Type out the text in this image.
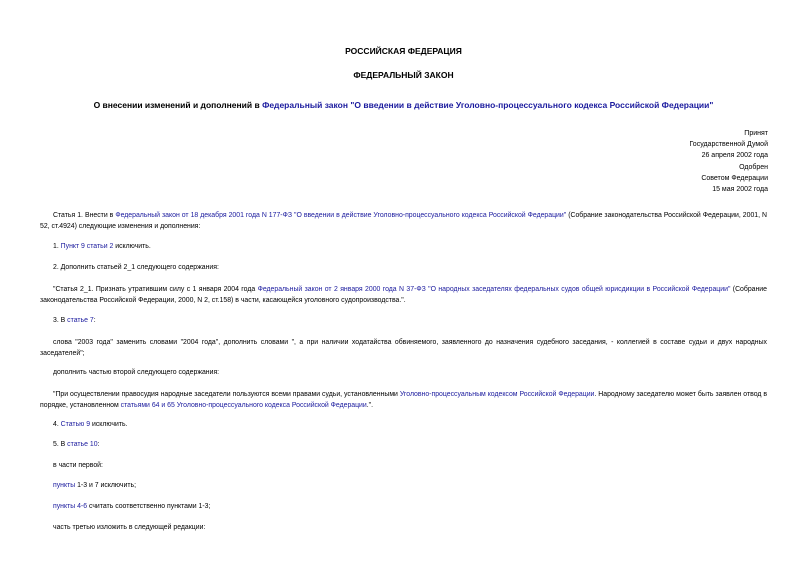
РОССИЙСКАЯ ФЕДЕРАЦИЯ
ФЕДЕРАЛЬНЫЙ ЗАКОН
О внесении изменений и дополнений в Федеральный закон "О введении в действие Уголовно-процессуального кодекса Российской Федерации"
Принят
Государственной Думой
26 апреля 2002 года
Одобрен
Советом Федерации
15 мая 2002 года
Статья 1. Внести в Федеральный закон от 18 декабря 2001 года N 177-ФЗ "О введении в действие Уголовно-процессуального кодекса Российской Федерации" (Собрание законодательства Российской Федерации, 2001, N 52, ст.4924) следующие изменения и дополнения:
1. Пункт 9 статьи 2 исключить.
2. Дополнить статьей 2_1 следующего содержания:
"Статья 2_1. Признать утратившим силу с 1 января 2004 года Федеральный закон от 2 января 2000 года N 37-ФЗ "О народных заседателях федеральных судов общей юрисдикции в Российской Федерации" (Собрание законодательства Российской Федерации, 2000, N 2, ст.158) в части, касающейся уголовного судопроизводства.".
3. В статье 7:
слова "2003 года" заменить словами "2004 года", дополнить словами ", а при наличии ходатайства обвиняемого, заявленного до назначения судебного заседания, - коллегией в составе судьи и двух народных заседателей";
дополнить частью второй следующего содержания:
"При осуществлении правосудия народные заседатели пользуются всеми правами судьи, установленными Уголовно-процессуальным кодексом Российской Федерации. Народному заседателю может быть заявлен отвод в порядке, установленном статьями 64 и 65 Уголовно-процессуального кодекса Российской Федерации.".
4. Статью 9 исключить.
5. В статье 10:
в части первой:
пункты 1-3 и 7 исключить;
пункты 4-6 считать соответственно пунктами 1-3;
часть третью изложить в следующей редакции:
